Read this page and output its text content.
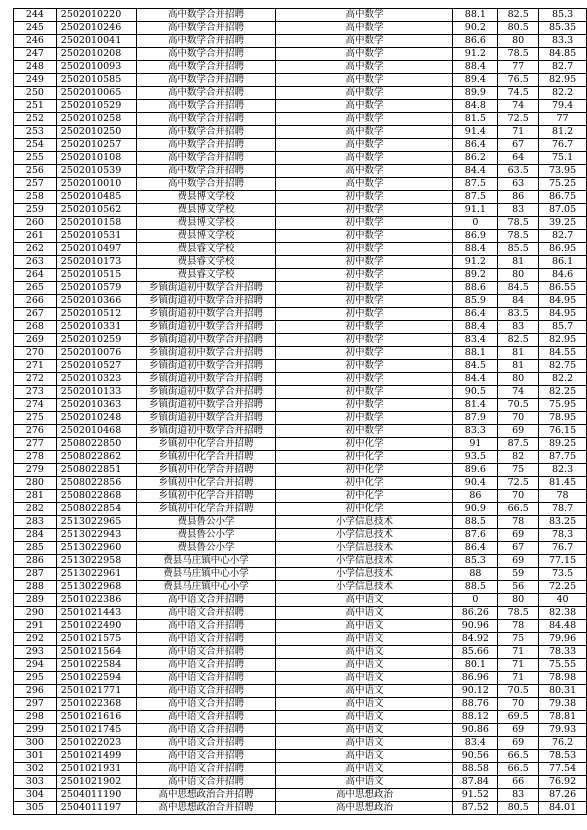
244	2502010220	高中数学合并招聘	高中数学	88.1	82.5	85.3
245	2502010246	高中数学合并招聘	高中数学	90.2	80.5	85.35
246	2502010041	高中数学合并招聘	高中数学	86.6	80	83.3
247	2502010208	高中数学合并招聘	高中数学	91.2	78.5	84.85
248	2502010093	高中数学合并招聘	高中数学	88.4	77	82.7
249	2502010585	高中数学合并招聘	高中数学	89.4	76.5	82.95
250	2502010065	高中数学合并招聘	高中数学	89.9	74.5	82.2
251	2502010529	高中数学合并招聘	高中数学	84.8	74	79.4
252	2502010258	高中数学合并招聘	高中数学	81.5	72.5	77
253	2502010250	高中数学合并招聘	高中数学	91.4	71	81.2
254	2502010257	高中数学合并招聘	高中数学	86.4	67	76.7
255	2502010108	高中数学合并招聘	高中数学	86.2	64	75.1
256	2502010539	高中数学合并招聘	高中数学	84.4	63.5	73.95
257	2502010010	高中数学合并招聘	高中数学	87.5	63	75.25
258	2502010485	费县博文学校	初中数学	87.5	86	86.75
259	2502010562	费县博文学校	初中数学	91.1	83	87.05
260	2502010158	费县博文学校	初中数学	0	78.5	39.25
261	2502010531	费县博文学校	初中数学	86.9	78.5	82.7
262	2502010497	费县睿文学校	初中数学	88.4	85.5	86.95
263	2502010173	费县睿文学校	初中数学	91.2	81	86.1
264	2502010515	费县睿文学校	初中数学	89.2	80	84.6
265	2502010579	乡镇街道初中数学合并招聘	初中数学	88.6	84.5	86.55
266	2502010366	乡镇街道初中数学合并招聘	初中数学	85.9	84	84.95
267	2502010512	乡镇街道初中数学合并招聘	初中数学	86.4	83.5	84.95
268	2502010331	乡镇街道初中数学合并招聘	初中数学	88.4	83	85.7
269	2502010259	乡镇街道初中数学合并招聘	初中数学	83.4	82.5	82.95
270	2502010076	乡镇街道初中数学合并招聘	初中数学	88.1	81	84.55
271	2502010527	乡镇街道初中数学合并招聘	初中数学	84.5	81	82.75
272	2502010323	乡镇街道初中数学合并招聘	初中数学	84.4	80	82.2
273	2502010133	乡镇街道初中数学合并招聘	初中数学	90.5	74	82.25
274	2502010363	乡镇街道初中数学合并招聘	初中数学	81.4	70.5	75.95
275	2502010248	乡镇街道初中数学合并招聘	初中数学	87.9	70	78.95
276	2502010468	乡镇街道初中数学合并招聘	初中数学	83.3	69	76.15
277	2508022850	乡镇初中化学合并招聘	初中化学	91	87.5	89.25
278	2508022862	乡镇初中化学合并招聘	初中化学	93.5	82	87.75
279	2508022851	乡镇初中化学合并招聘	初中化学	89.6	75	82.3
280	2508022856	乡镇初中化学合并招聘	初中化学	90.4	72.5	81.45
281	2508022868	乡镇初中化学合并招聘	初中化学	86	70	78
282	2508022854	乡镇初中化学合并招聘	初中化学	90.9	66.5	78.7
283	2513022965	费县鲁公小学	小学信息技术	88.5	78	83.25
284	2513022943	费县鲁公小学	小学信息技术	87.6	69	78.3
285	2513022960	费县鲁公小学	小学信息技术	86.4	67	76.7
286	2513022958	费县马庄镇中心小学	小学信息技术	85.3	69	77.15
287	2513022961	费县马庄镇中心小学	小学信息技术	88	59	73.5
288	2513022968	费县马庄镇中心小学	小学信息技术	88.5	56	72.25
289	2501022386	高中语文合并招聘	高中语文	0	80	40
290	2501021443	高中语文合并招聘	高中语文	86.26	78.5	82.38
291	2501022490	高中语文合并招聘	高中语文	90.96	78	84.48
292	2501021575	高中语文合并招聘	高中语文	84.92	75	79.96
293	2501021564	高中语文合并招聘	高中语文	85.66	71	78.33
294	2501022584	高中语文合并招聘	高中语文	80.1	71	75.55
295	2501022594	高中语文合并招聘	高中语文	86.96	71	78.98
296	2501021771	高中语文合并招聘	高中语文	90.12	70.5	80.31
297	2501022368	高中语文合并招聘	高中语文	88.76	70	79.38
298	2501021616	高中语文合并招聘	高中语文	88.12	69.5	78.81
299	2501021745	高中语文合并招聘	高中语文	90.86	69	79.93
300	2501022023	高中语文合并招聘	高中语文	83.4	69	76.2
301	2501021499	高中语文合并招聘	高中语文	90.56	66.5	78.53
302	2501021931	高中语文合并招聘	高中语文	88.58	66.5	77.54
303	2501021902	高中语文合并招聘	高中语文	87.84	66	76.92
304	2504011190	高中思想政治合并招聘	高中思想政治	91.52	83	87.26
305	2504011197	高中思想政治合并招聘	高中思想政治	87.52	80.5	84.01
